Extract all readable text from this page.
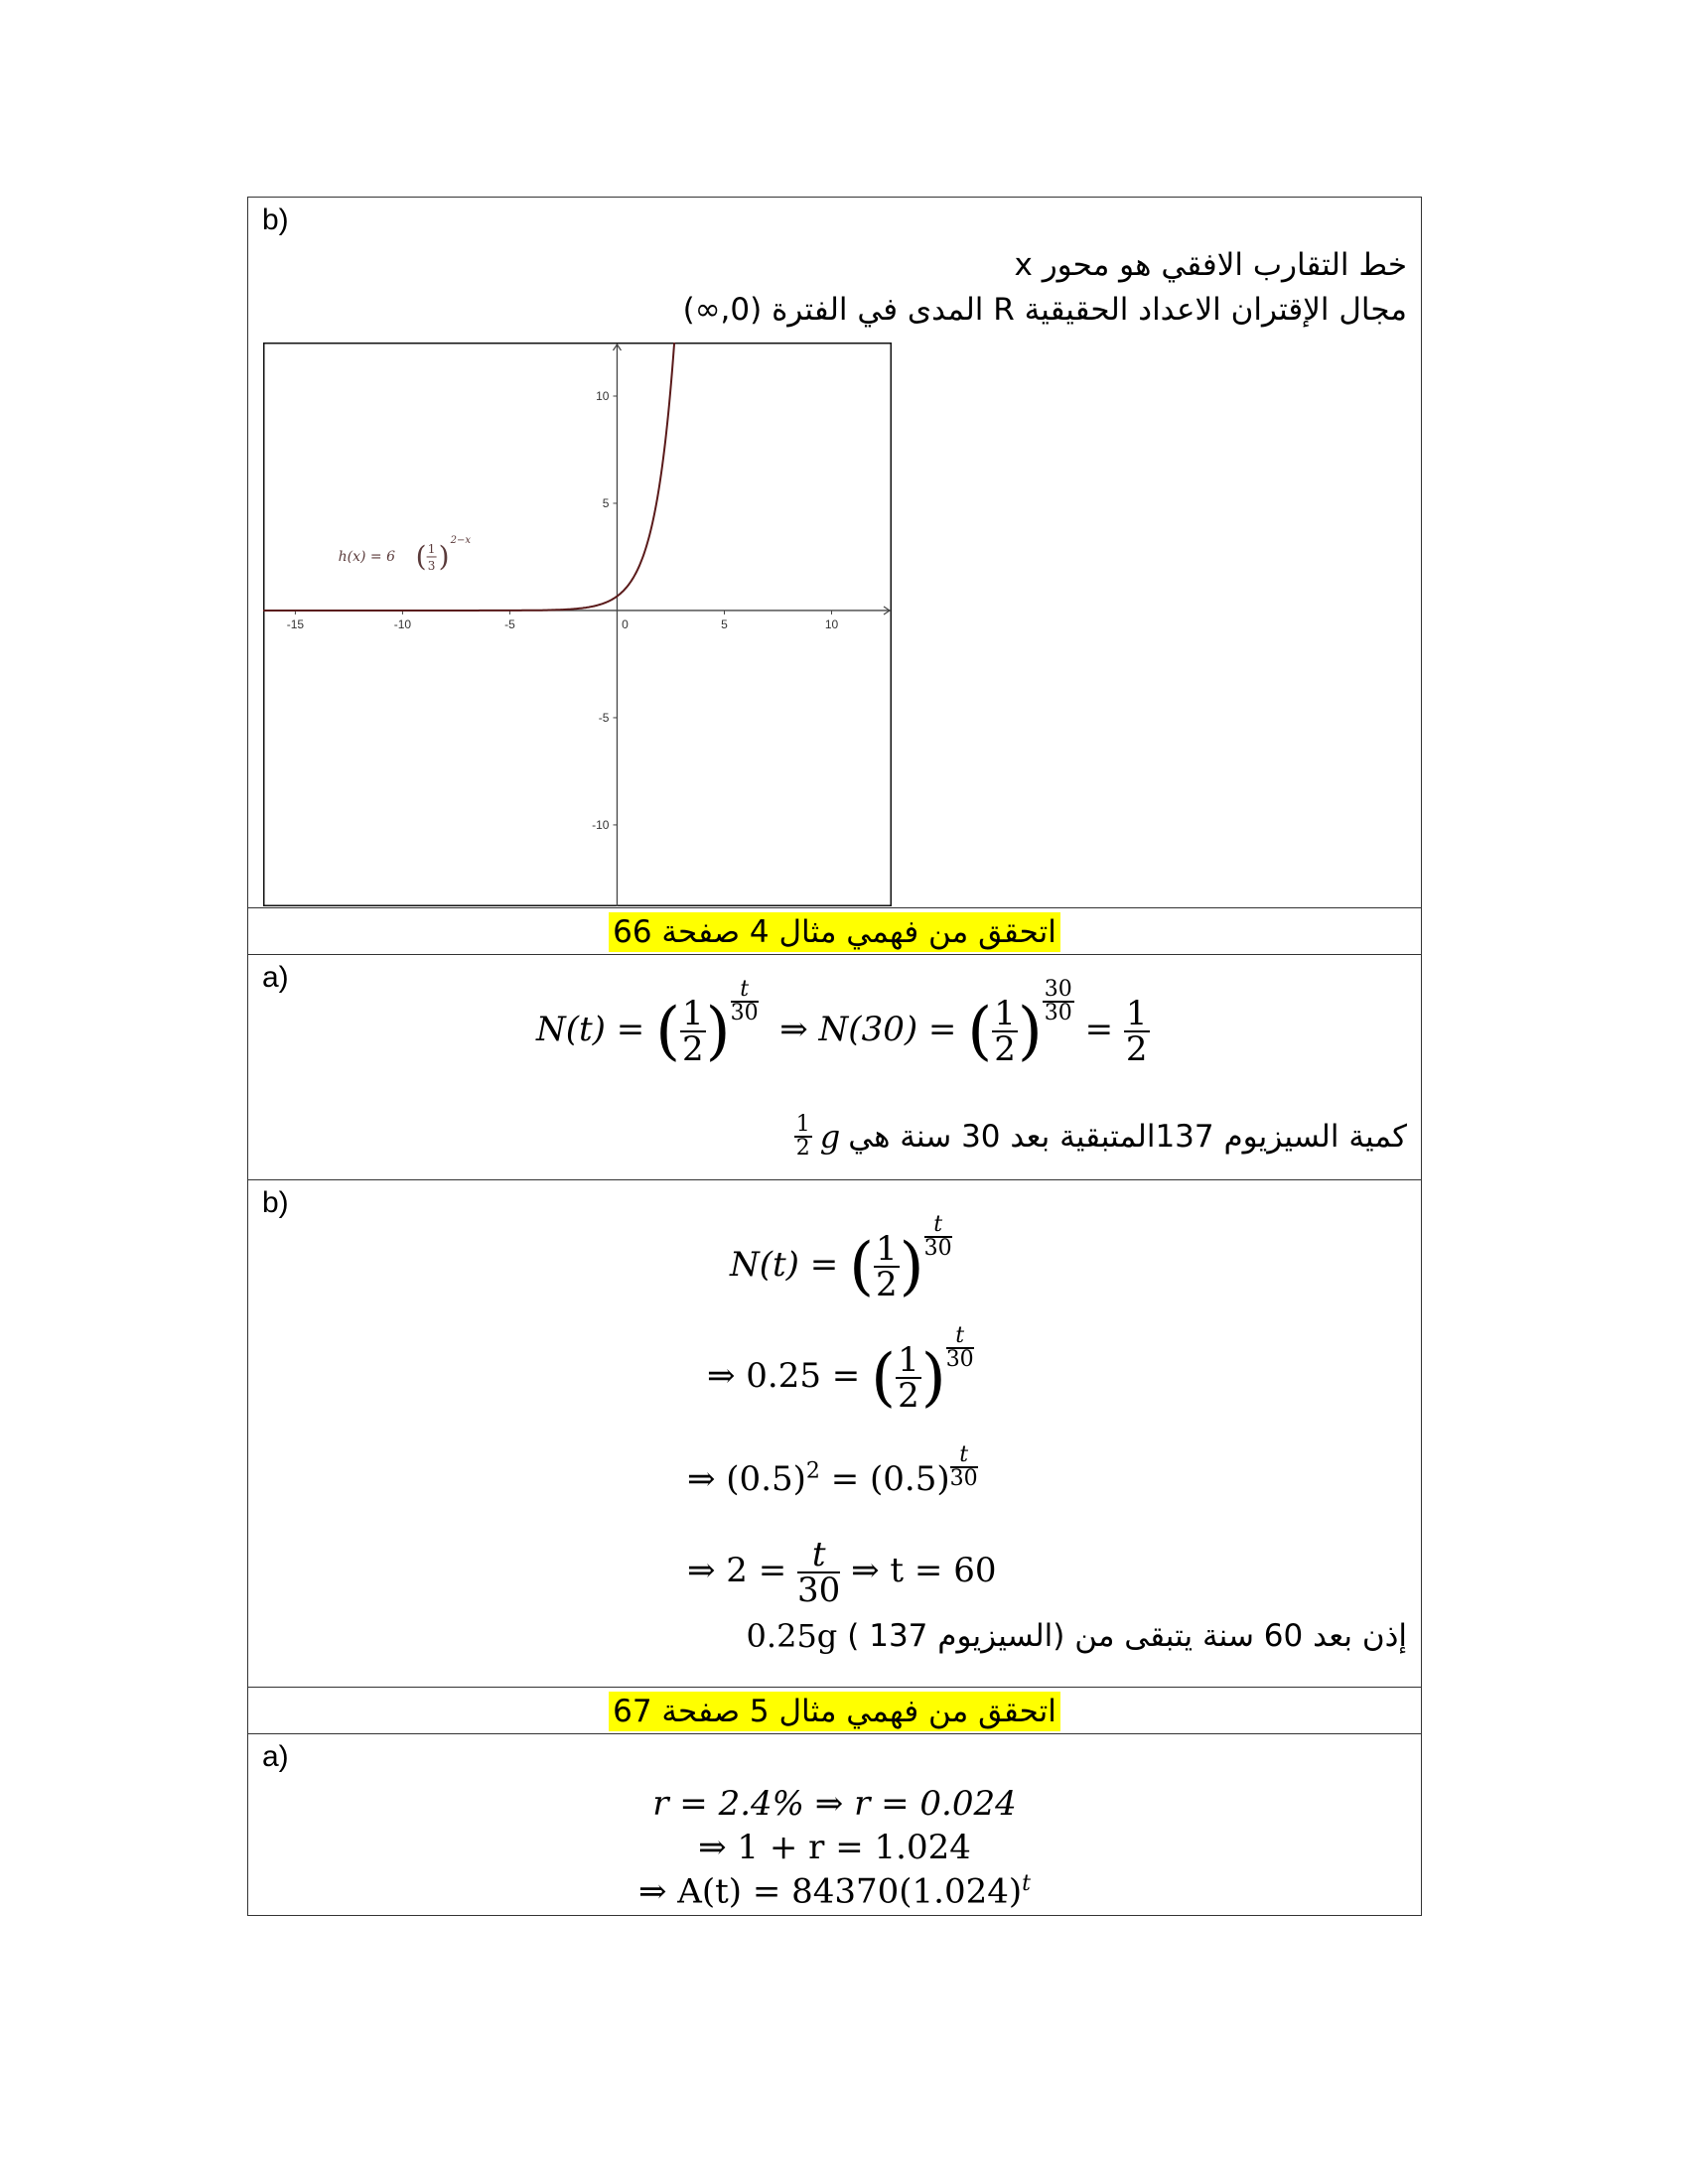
b)
خط التقارب الافقي هو محور x
مجال الإقتران الاعداد الحقيقية R المدى في الفترة (0,∞)
اتحقق من فهمي مثال 4 صفحة 66
a)
N(t) = ( $\frac{1}{2}$ ) $\frac{t}{30}$
⇒ N(30) = ( $\frac{1}{2}$ ) $\frac{30}{30}$
= $\frac{1}{2}$
$\frac{1}{2}$ g كمية السيزيوم 137المتبقية بعد 30 سنة هي
b)
N(t) = ( $\frac{1}{2}$ ) $\frac{t}{30}$
⇒ 0.25 = ( $\frac{1}{2}$ ) $\frac{t}{30}$
⇒ $(0.5)^2 = (0.5) \frac{t}{30}$
⇒ $2 = \frac{t}{30}$ ⇒ t = 60
0.25g إذن بعد 60 سنة يتبقى من (السيزيوم 137 )
اتحقق من فهمي مثال 5 صفحة 67
a)
r = 2.4% ⇒ r = 0.024
⇒ 1 + r = 1.024
⇒ $A(t) = 84370(1.024)^t$
-15	-10	-5	0	5	10
-10
-5
5
10
h(x) = 6 ( 1
3 ) 2−x
